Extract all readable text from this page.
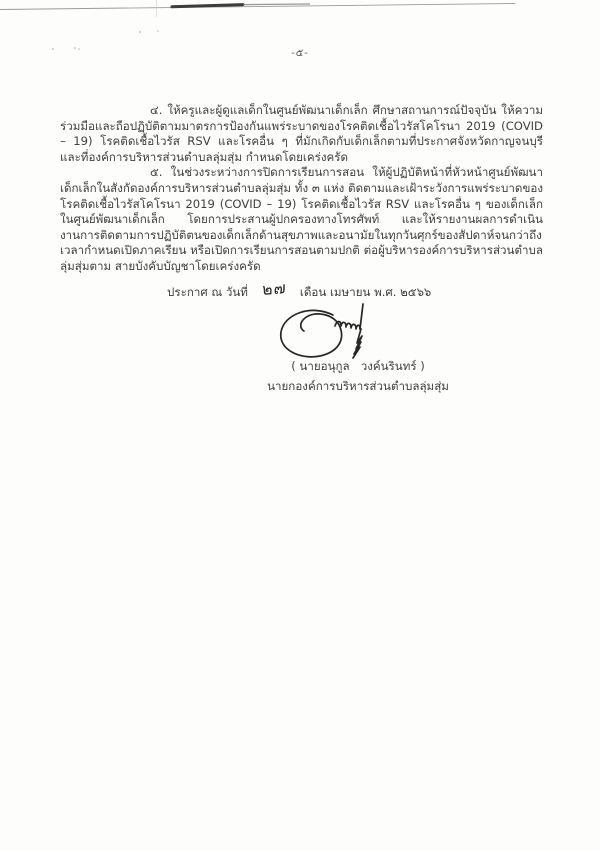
-๕-

๔. ให้ครูและผู้ดูแลเด็กในศูนย์พัฒนาเด็กเล็ก ศึกษาสถานการณ์ปัจจุบัน ให้ความร่วมมือและถือปฏิบัติตามมาตรการป้องกันแพร่ระบาดของโรคติดเชื้อไวรัสโคโรนา 2019 (COVID – 19) โรคติดเชื้อไวรัส RSV และโรคอื่น ๆ ที่มักเกิดกับเด็กเล็กตามที่ประกาศจังหวัดกาญจนบุรี และที่องค์การบริหารส่วนตำบลลุ่มสุ่ม กำหนดโดยเคร่งครัด

๕. ในช่วงระหว่างการปิดการเรียนการสอน ให้ผู้ปฏิบัติหน้าที่หัวหน้าศูนย์พัฒนาเด็กเล็กในสังกัดองค์การบริหารส่วนตำบลลุ่มสุ่ม ทั้ง ๓ แห่ง ติดตามและเฝ้าระวังการแพร่ระบาดของโรคติดเชื้อไวรัสโคโรนา 2019 (COVID – 19) โรคติดเชื้อไวรัส RSV และโรคอื่น ๆ ของเด็กเล็กในศูนย์พัฒนาเด็กเล็ก โดยการประสานผู้ปกครองทางโทรศัพท์ และให้รายงานผลการดำเนินงานการติดตามการปฏิบัติตนของเด็กเล็กด้านสุขภาพและอนามัยในทุกวันศุกร์ของสัปดาห์จนกว่าถึงเวลากำหนดเปิดภาคเรียน หรือเปิดการเรียนการสอนตามปกติ ต่อผู้บริหารองค์การบริหารส่วนตำบลลุ่มสุ่มตาม สายบังคับบัญชาโดยเคร่งครัด

ประกาศ ณ วันที่ ๒๗ เดือน เมษายน พ.ศ. ๒๕๖๖
( นายอนุกูล   วงค์นรินทร์ )
นายกองค์การบริหารส่วนตำบลลุ่มสุ่ม
